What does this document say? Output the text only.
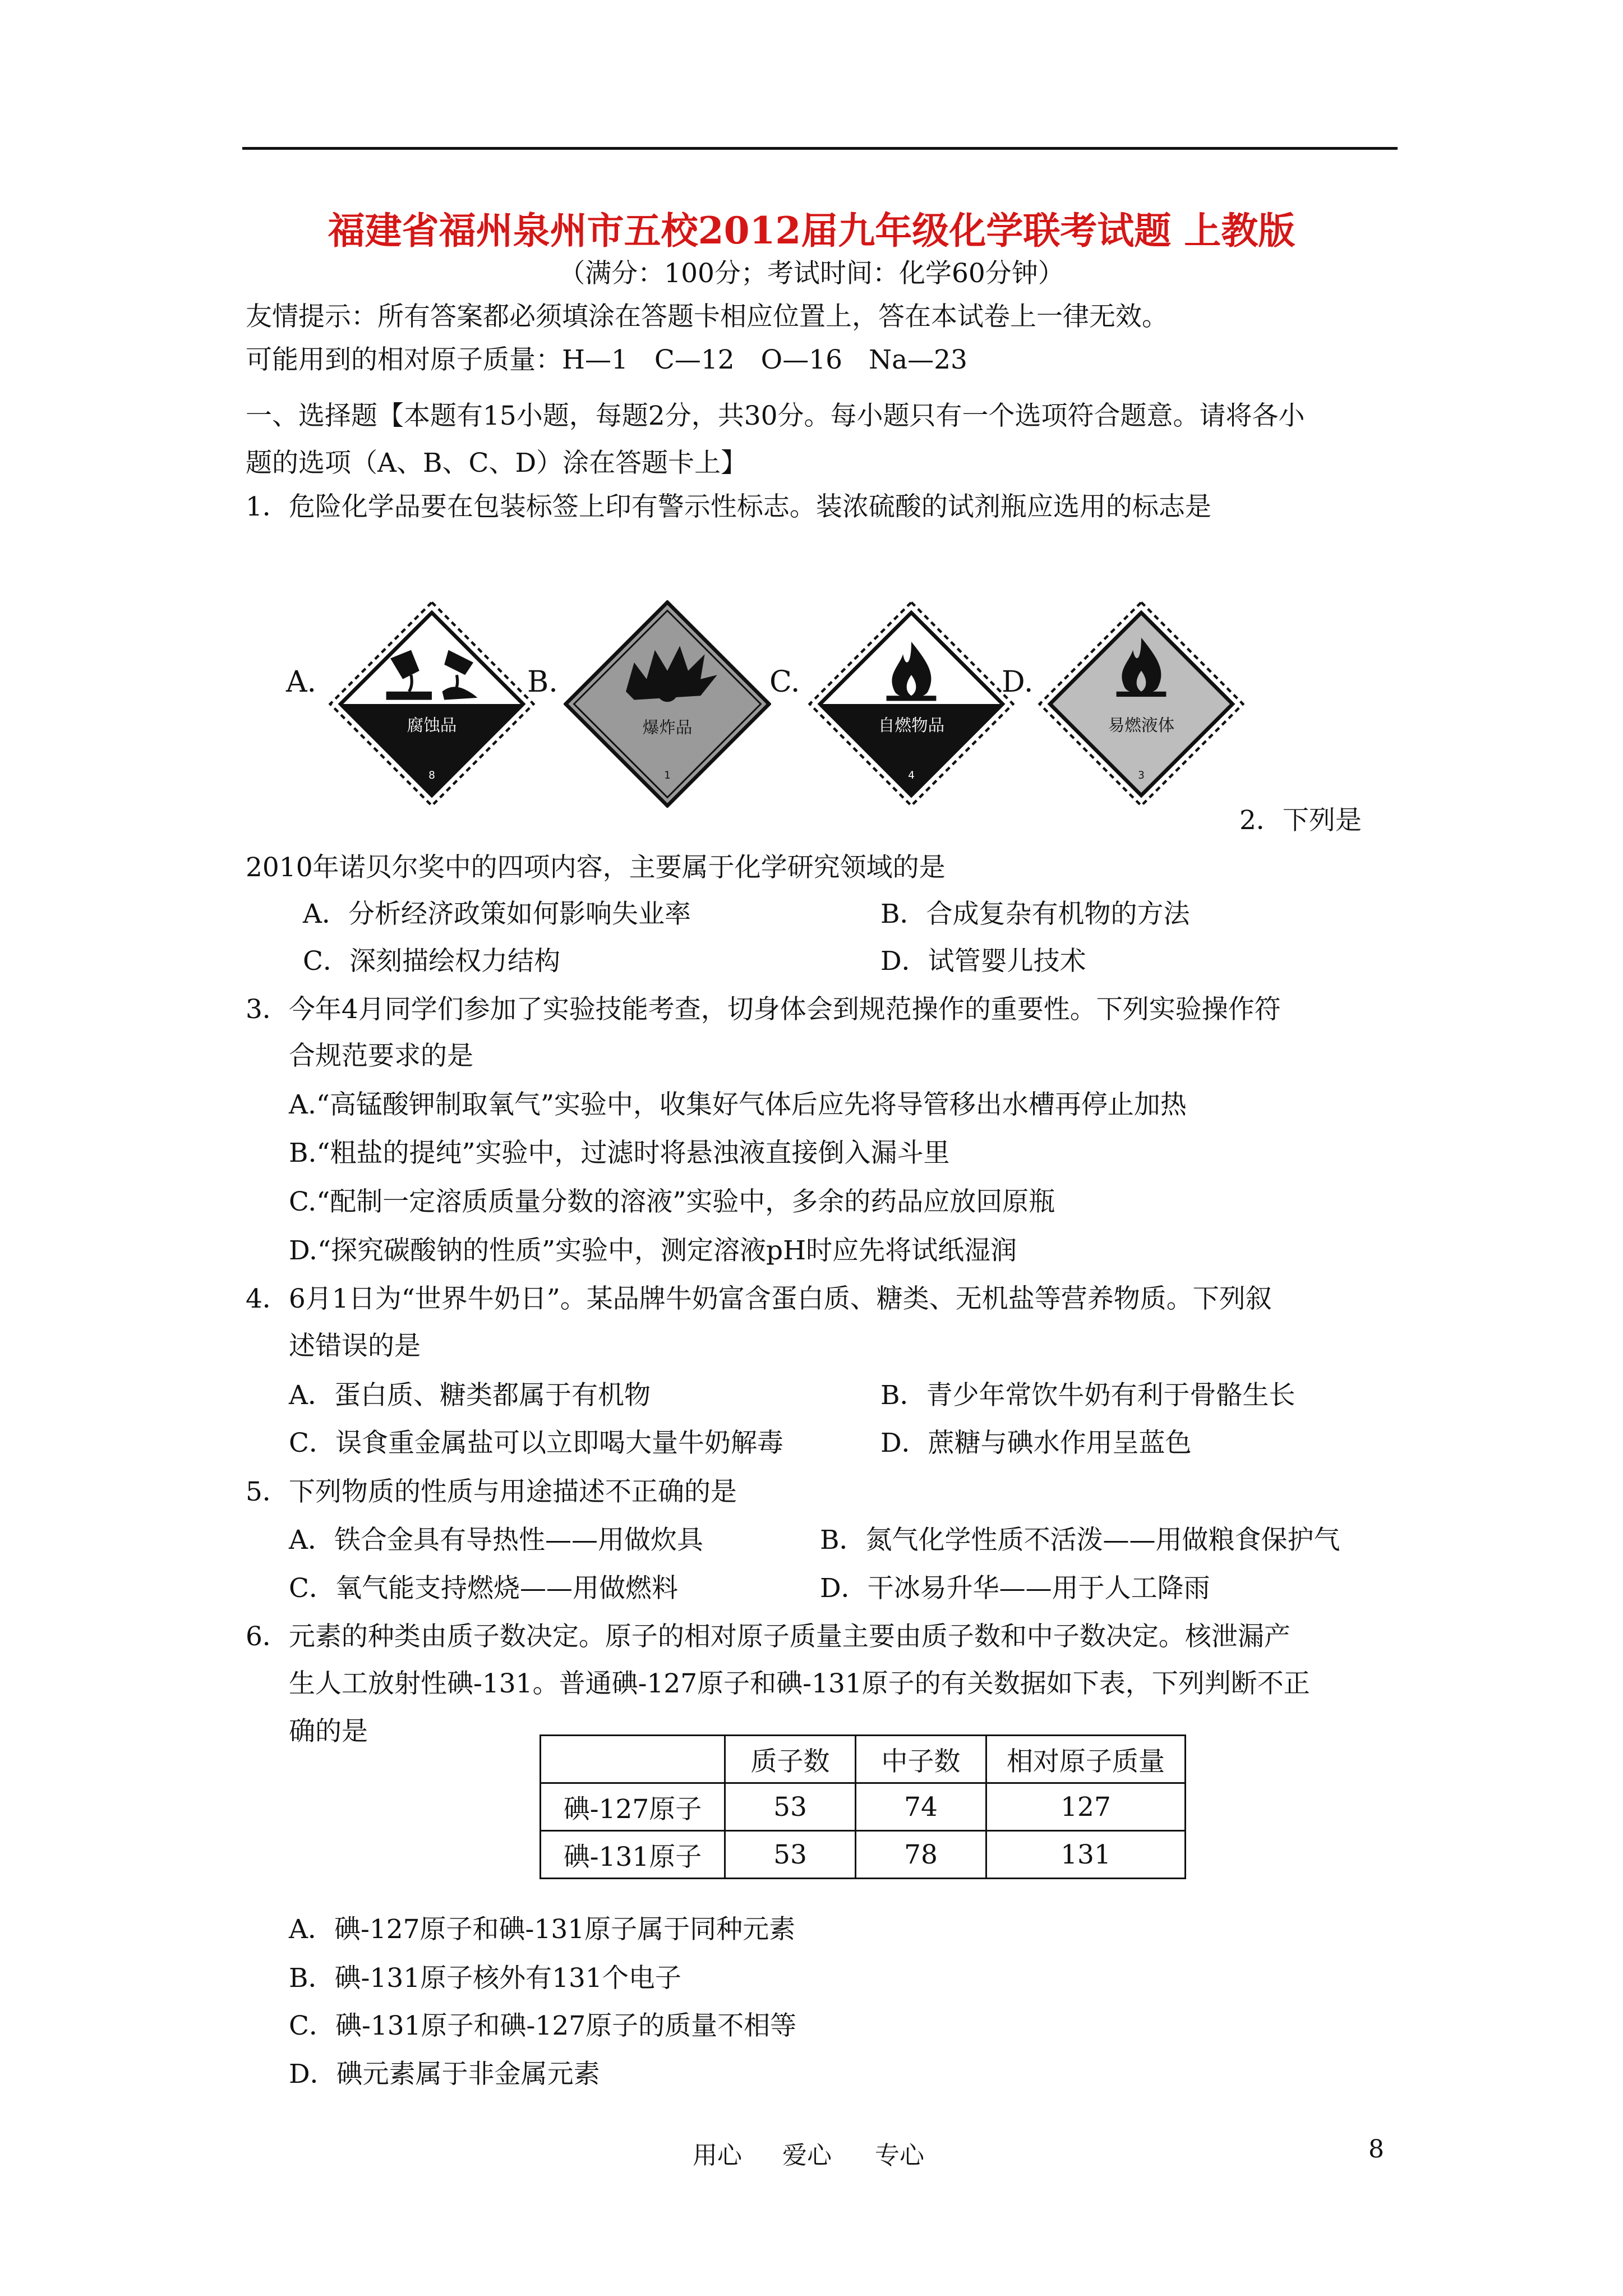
福建省福州泉州市五校2012届九年级化学联考试题 上教版
（满分：100分；考试时间：化学60分钟）
友情提示：所有答案都必须填涂在答题卡相应位置上，答在本试卷上一律无效。
可能用到的相对原子质量：H—1　C—12　O—16　Na—23
一、选择题【本题有15小题，每题2分，共30分。每小题只有一个选项符合题意。请将各小
题的选项（A、B、C、D）涂在答题卡上】
1．危险化学品要在包装标签上印有警示性标志。装浓硫酸的试剂瓶应选用的标志是
A.
腐蚀品
8
B.
爆炸品
1
C.
自燃物品
4
D.
易燃液体
3
2．下列是
2010年诺贝尔奖中的四项内容，主要属于化学研究领域的是
A．分析经济政策如何影响失业率	B．合成复杂有机物的方法
C．深刻描绘权力结构	D．试管婴儿技术
3．今年4月同学们参加了实验技能考查，切身体会到规范操作的重要性。下列实验操作符
合规范要求的是
A.“高锰酸钾制取氧气”实验中，收集好气体后应先将导管移出水槽再停止加热
B.“粗盐的提纯”实验中，过滤时将悬浊液直接倒入漏斗里
C.“配制一定溶质质量分数的溶液”实验中，多余的药品应放回原瓶
D.“探究碳酸钠的性质”实验中，测定溶液pH时应先将试纸湿润
4．6月1日为“世界牛奶日”。某品牌牛奶富含蛋白质、糖类、无机盐等营养物质。下列叙
述错误的是
A．蛋白质、糖类都属于有机物	B．青少年常饮牛奶有利于骨骼生长
C．误食重金属盐可以立即喝大量牛奶解毒	D．蔗糖与碘水作用呈蓝色
5．下列物质的性质与用途描述不正确的是
A．铁合金具有导热性——用做炊具	B．氮气化学性质不活泼——用做粮食保护气
C．氧气能支持燃烧——用做燃料	D．干冰易升华——用于人工降雨
6．元素的种类由质子数决定。原子的相对原子质量主要由质子数和中子数决定。核泄漏产
生人工放射性碘-131。普通碘-127原子和碘-131原子的有关数据如下表，下列判断不正
确的是
	质子数	中子数	相对原子质量
碘-127原子	53	74	127
碘-131原子	53	78	131
A．碘-127原子和碘-131原子属于同种元素
B．碘-131原子核外有131个电子
C．碘-131原子和碘-127原子的质量不相等
D．碘元素属于非金属元素
用心 爱心 专心	8
